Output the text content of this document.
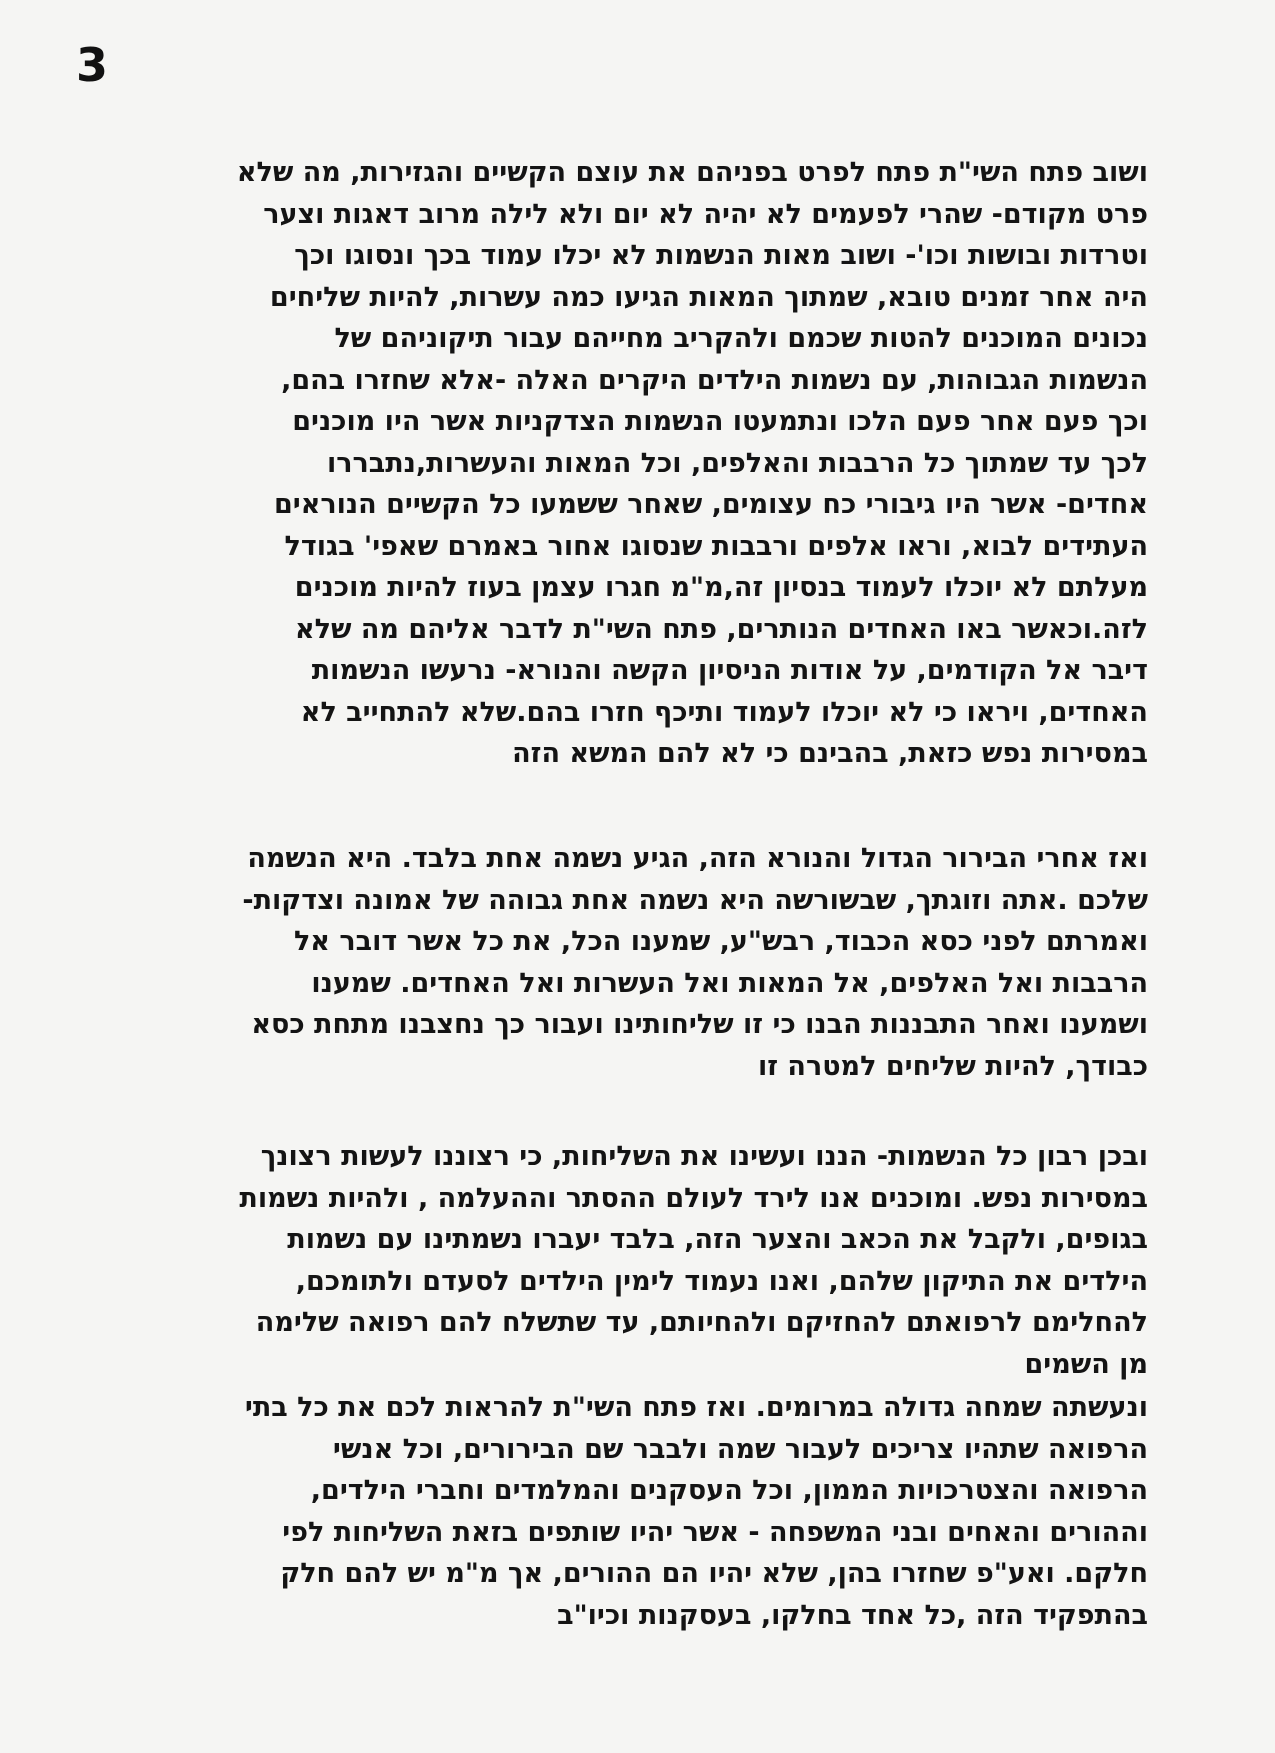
3
ושוב פתח השי"ת פתח לפרט בפניהם את עוצם הקשיים והגזירות, מה שלא
פרט מקודם- שהרי לפעמים לא יהיה לא יום ולא לילה מרוב דאגות וצער
וטרדות ובושות וכו'- ושוב מאות הנשמות לא יכלו עמוד בכך ונסוגו וכך
היה אחר זמנים טובא, שמתוך המאות הגיעו כמה עשרות, להיות שליחים
נכונים המוכנים להטות שכמם ולהקריב מחייהם עבור תיקוניהם של
הנשמות הגבוהות, עם נשמות הילדים היקרים האלה -אלא שחזרו בהם,
וכך פעם אחר פעם הלכו ונתמעטו הנשמות הצדקניות אשר היו מוכנים
לכך עד שמתוך כל הרבבות והאלפים, וכל המאות והעשרות,נתבררו
אחדים- אשר היו גיבורי כח עצומים, שאחר ששמעו כל הקשיים הנוראים
העתידים לבוא, וראו אלפים ורבבות שנסוגו אחור באמרם שאפי' בגודל
מעלתם לא יוכלו לעמוד בנסיון זה,מ"מ חגרו עצמן בעוז להיות מוכנים
לזה.וכאשר באו האחדים הנותרים, פתח השי"ת לדבר אליהם מה שלא
דיבר אל הקודמים, על אודות הניסיון הקשה והנורא- נרעשו הנשמות
האחדים, ויראו כי לא יוכלו לעמוד ותיכף חזרו בהם.שלא להתחייב לא
במסירות נפש כזאת, בהבינם כי לא להם המשא הזה
ואז אחרי הבירור הגדול והנורא הזה, הגיע נשמה אחת בלבד. היא הנשמה
שלכם .אתה וזוגתך, שבשורשה היא נשמה אחת גבוהה של אמונה וצדקות-
ואמרתם לפני כסא הכבוד, רבש"ע, שמענו הכל, את כל אשר דובר אל
הרבבות ואל האלפים, אל המאות ואל העשרות ואל האחדים. שמענו
ושמענו ואחר התבננות הבנו כי זו שליחותינו ועבור כך נחצבנו מתחת כסא
כבודך, להיות שליחים למטרה זו
ובכן רבון כל הנשמות- הננו ועשינו את השליחות, כי רצוננו לעשות רצונך
במסירות נפש. ומוכנים אנו לירד לעולם ההסתר וההעלמה , ולהיות נשמות
בגופים, ולקבל את הכאב והצער הזה, בלבד יעברו נשמתינו עם נשמות
הילדים את התיקון שלהם, ואנו נעמוד לימין הילדים לסעדם ולתומכם,
להחלימם לרפואתם להחזיקם ולהחיותם, עד שתשלח להם רפואה שלימה
מן השמים
ונעשתה שמחה גדולה במרומים. ואז פתח השי"ת להראות לכם את כל בתי
הרפואה שתהיו צריכים לעבור שמה ולבבר שם הבירורים, וכל אנשי
הרפואה והצטרכויות הממון, וכל העסקנים והמלמדים וחברי הילדים,
וההורים והאחים ובני המשפחה - אשר יהיו שותפים בזאת השליחות לפי
חלקם. ואע"פ שחזרו בהן, שלא יהיו הם ההורים, אך מ"מ יש להם חלק
בהתפקיד הזה ,כל אחד בחלקו, בעסקנות וכיו"ב
